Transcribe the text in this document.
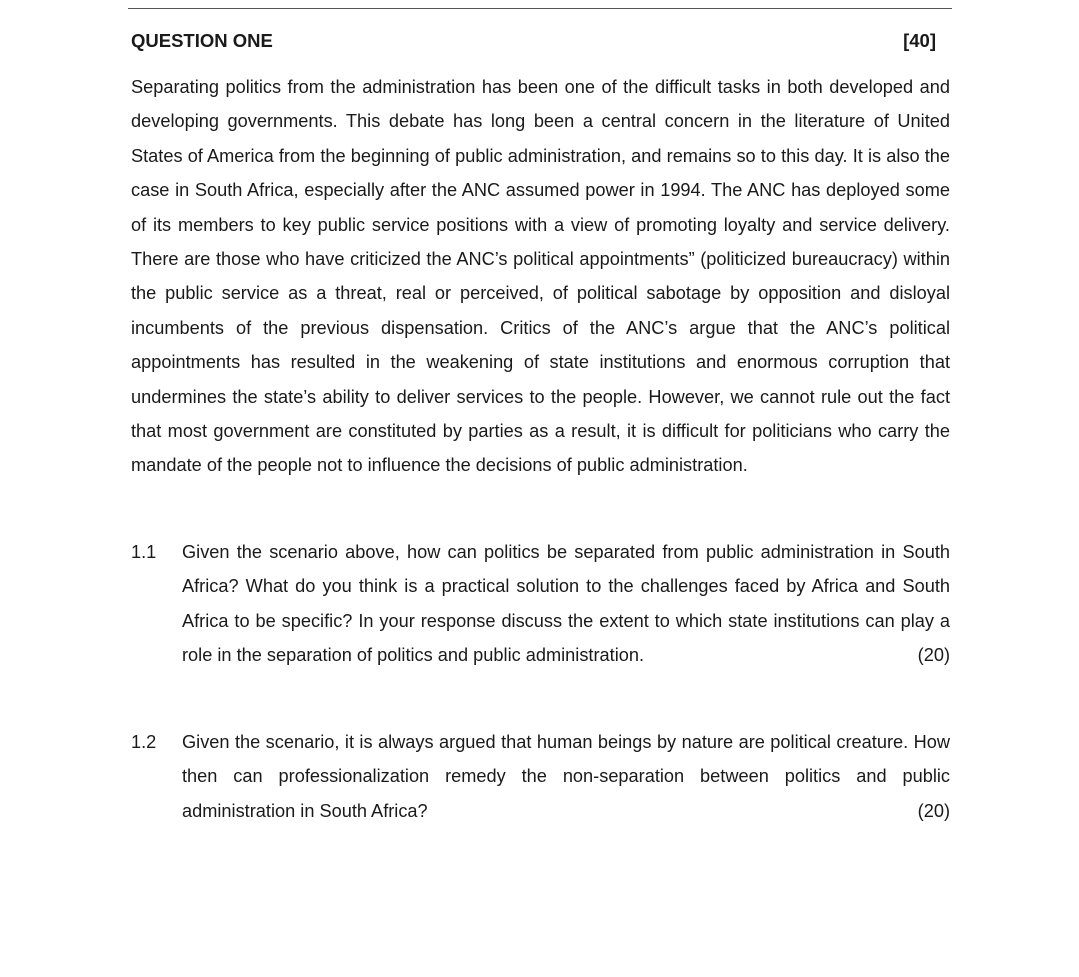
QUESTION ONE	[40]

Separating politics from the administration has been one of the difficult tasks in both developed and developing governments. This debate has long been a central concern in the literature of United States of America from the beginning of public administration, and remains so to this day. It is also the case in South Africa, especially after the ANC assumed power in 1994. The ANC has deployed some of its members to key public service positions with a view of promoting loyalty and service delivery. There are those who have criticized the ANC’s political appointments” (politicized bureaucracy) within the public service as a threat, real or perceived, of political sabotage by opposition and disloyal incumbents of the previous dispensation. Critics of the ANC’s argue that the ANC’s political appointments has resulted in the weakening of state institutions and enormous corruption that undermines the state’s ability to deliver services to the people. However, we cannot rule out the fact that most government are constituted by parties as a result, it is difficult for politicians who carry the mandate of the people not to influence the decisions of public administration.

1.1 Given the scenario above, how can politics be separated from public administration in South Africa? What do you think is a practical solution to the challenges faced by Africa and South Africa to be specific? In your response discuss the extent to which state institutions can play a role in the separation of politics and public administration.	(20)

1.2 Given the scenario, it is always argued that human beings by nature are political creature. How then can professionalization remedy the non-separation between politics and public administration in South Africa?	(20)
